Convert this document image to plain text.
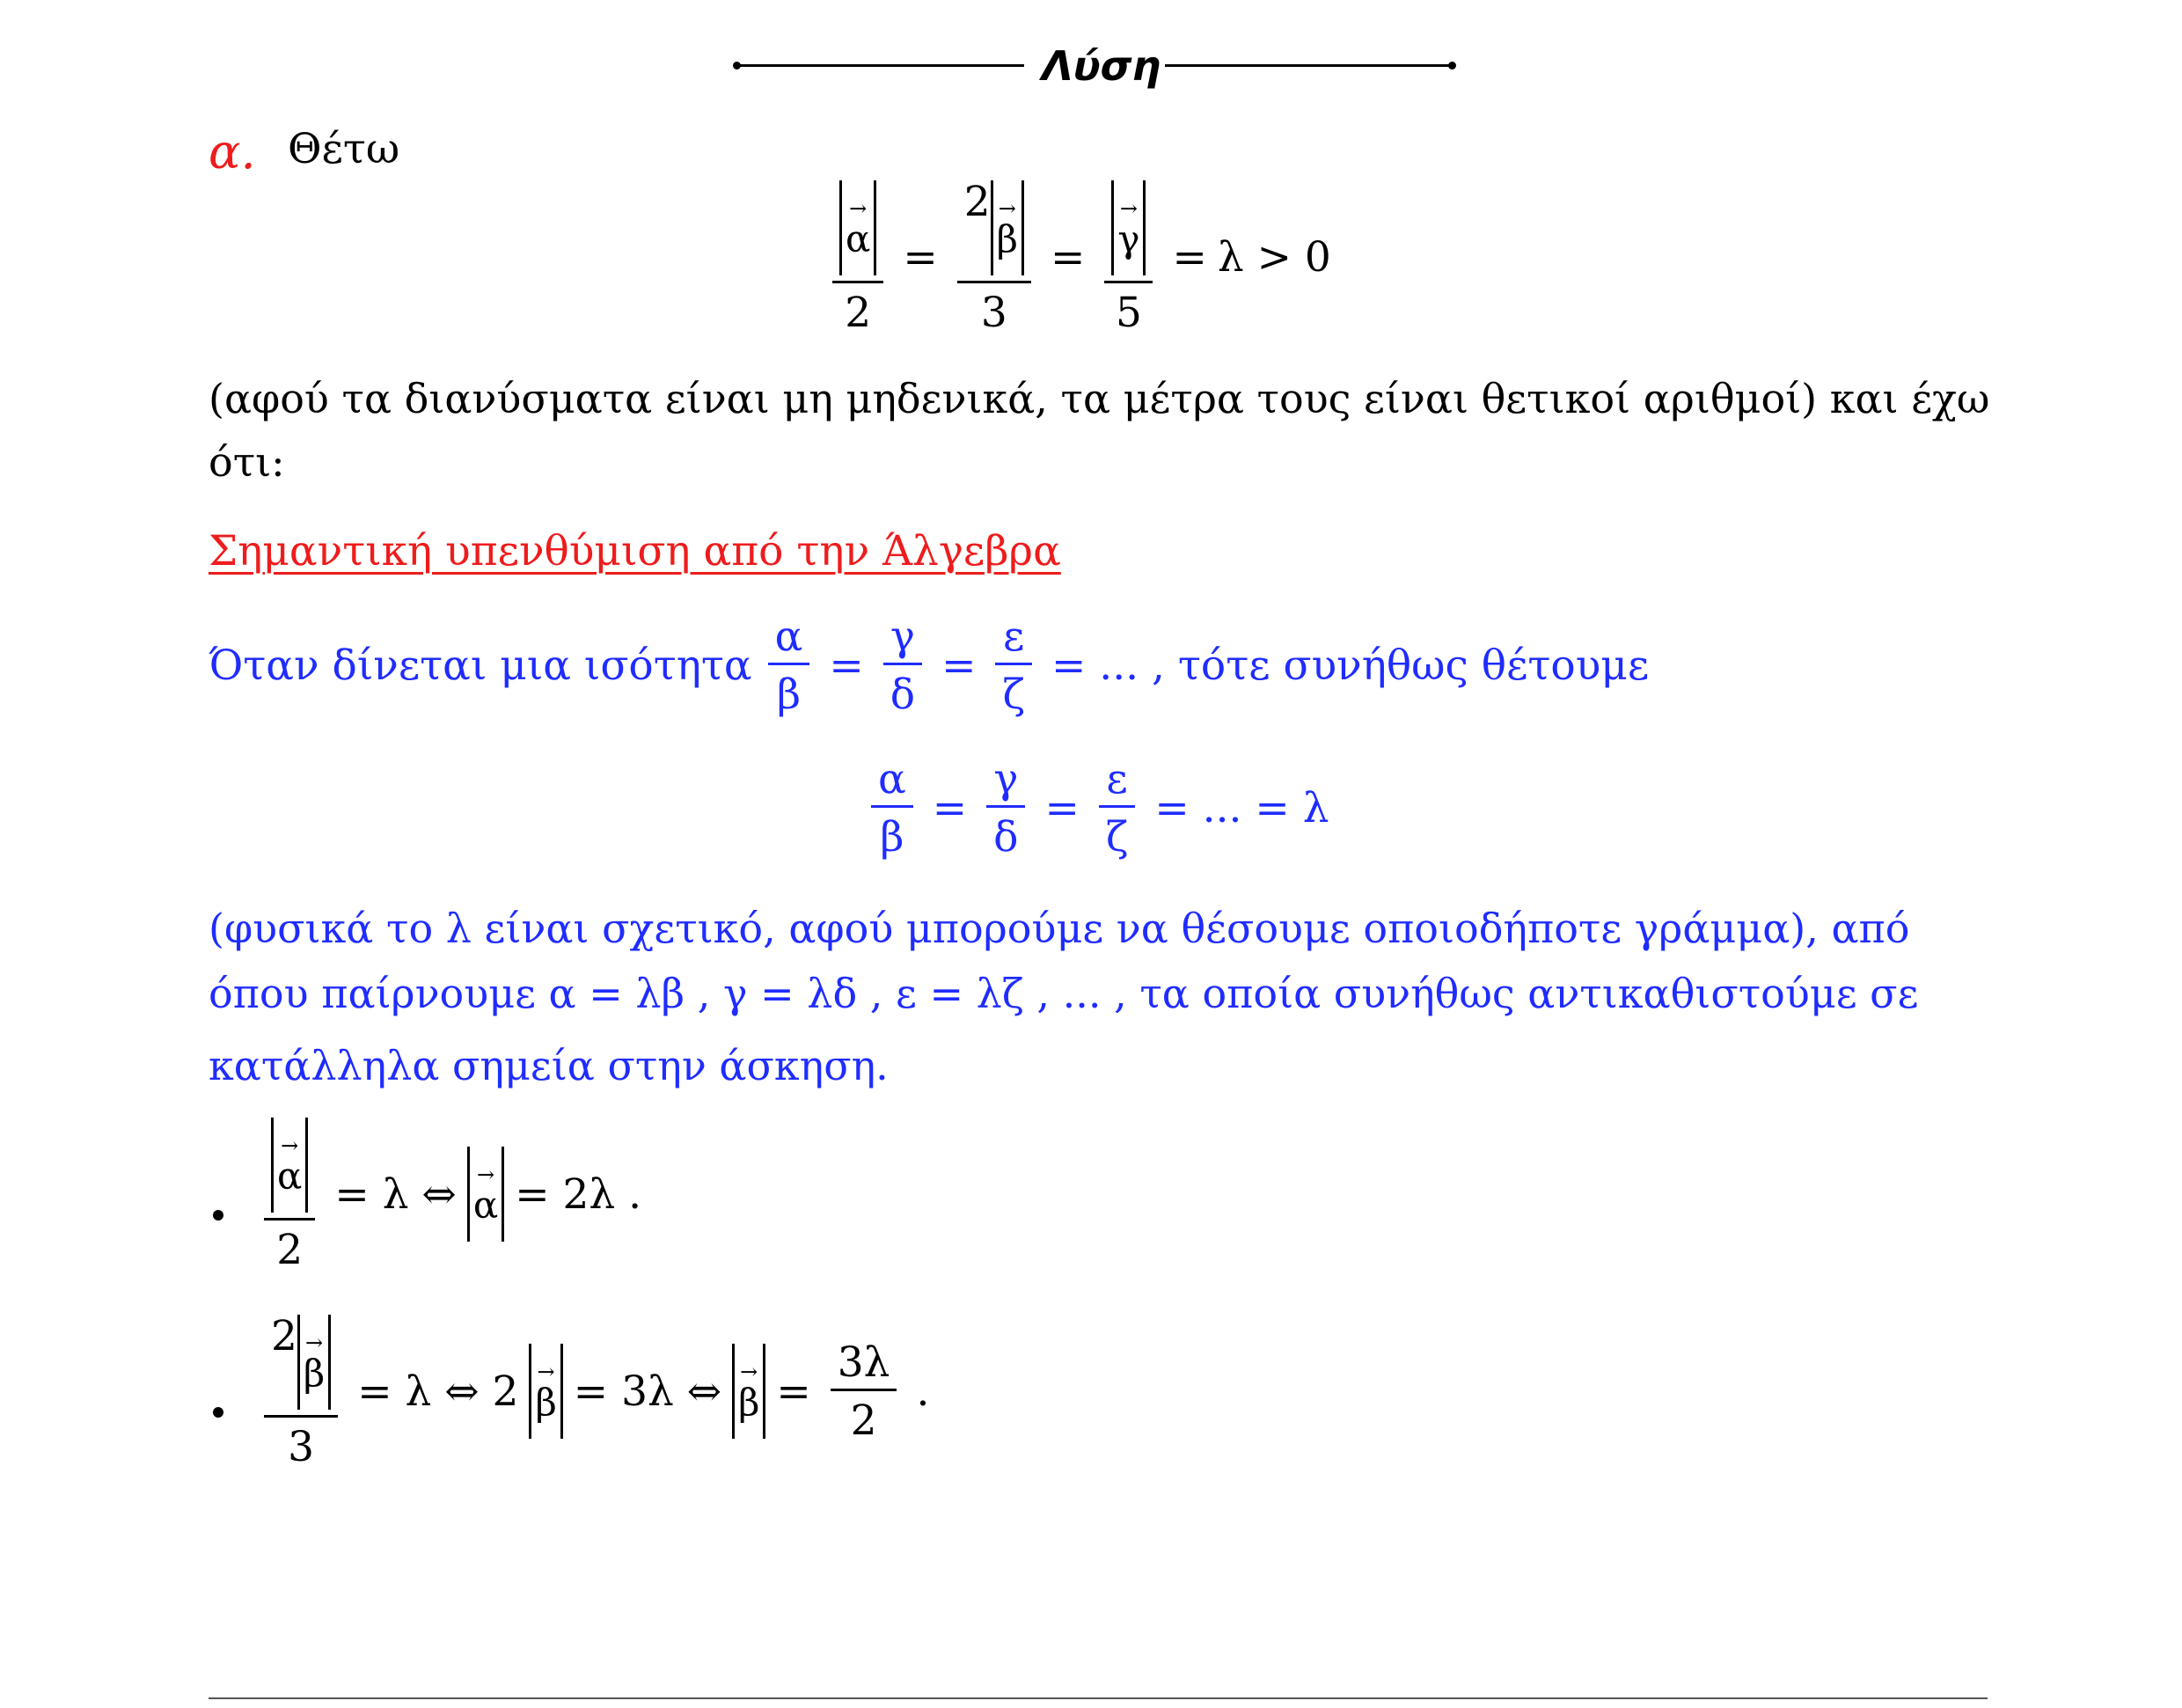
Λύση
α. Θέτω
→
α
2 = 2 →
β
3 = →
γ
5 = λ > 0
(αφού τα διανύσματα είναι μη μηδενικά, τα μέτρα τους είναι θετικοί αριθμοί) και έχω
ότι:
Σημαντική υπενθύμιση από την Άλγεβρα
Όταν δίνεται μια ισότητα $\frac{\alpha}{\beta} = \frac{\gamma}{\delta} = \frac{\varepsilon}{\zeta}$ = ... , τότε συνήθως θέτουμε
$\frac{\alpha}{\beta} = \frac{\gamma}{\delta} = \frac{\varepsilon}{\zeta}$ = ... = λ
(φυσικά το λ είναι σχετικό, αφού μπορούμε να θέσουμε οποιοδήποτε γράμμα), από
όπου παίρνουμε α = λβ , γ = λδ , ε = λζ , ... , τα οποία συνήθως αντικαθιστούμε σε
κατάλληλα σημεία στην άσκηση.
→
α
2 = λ ⇔ →
α = 2λ .
2 →
β
3 = λ ⇔ 2 →
β = 3λ ⇔ →
$\beta = \frac{3\lambda}{2}$ .
